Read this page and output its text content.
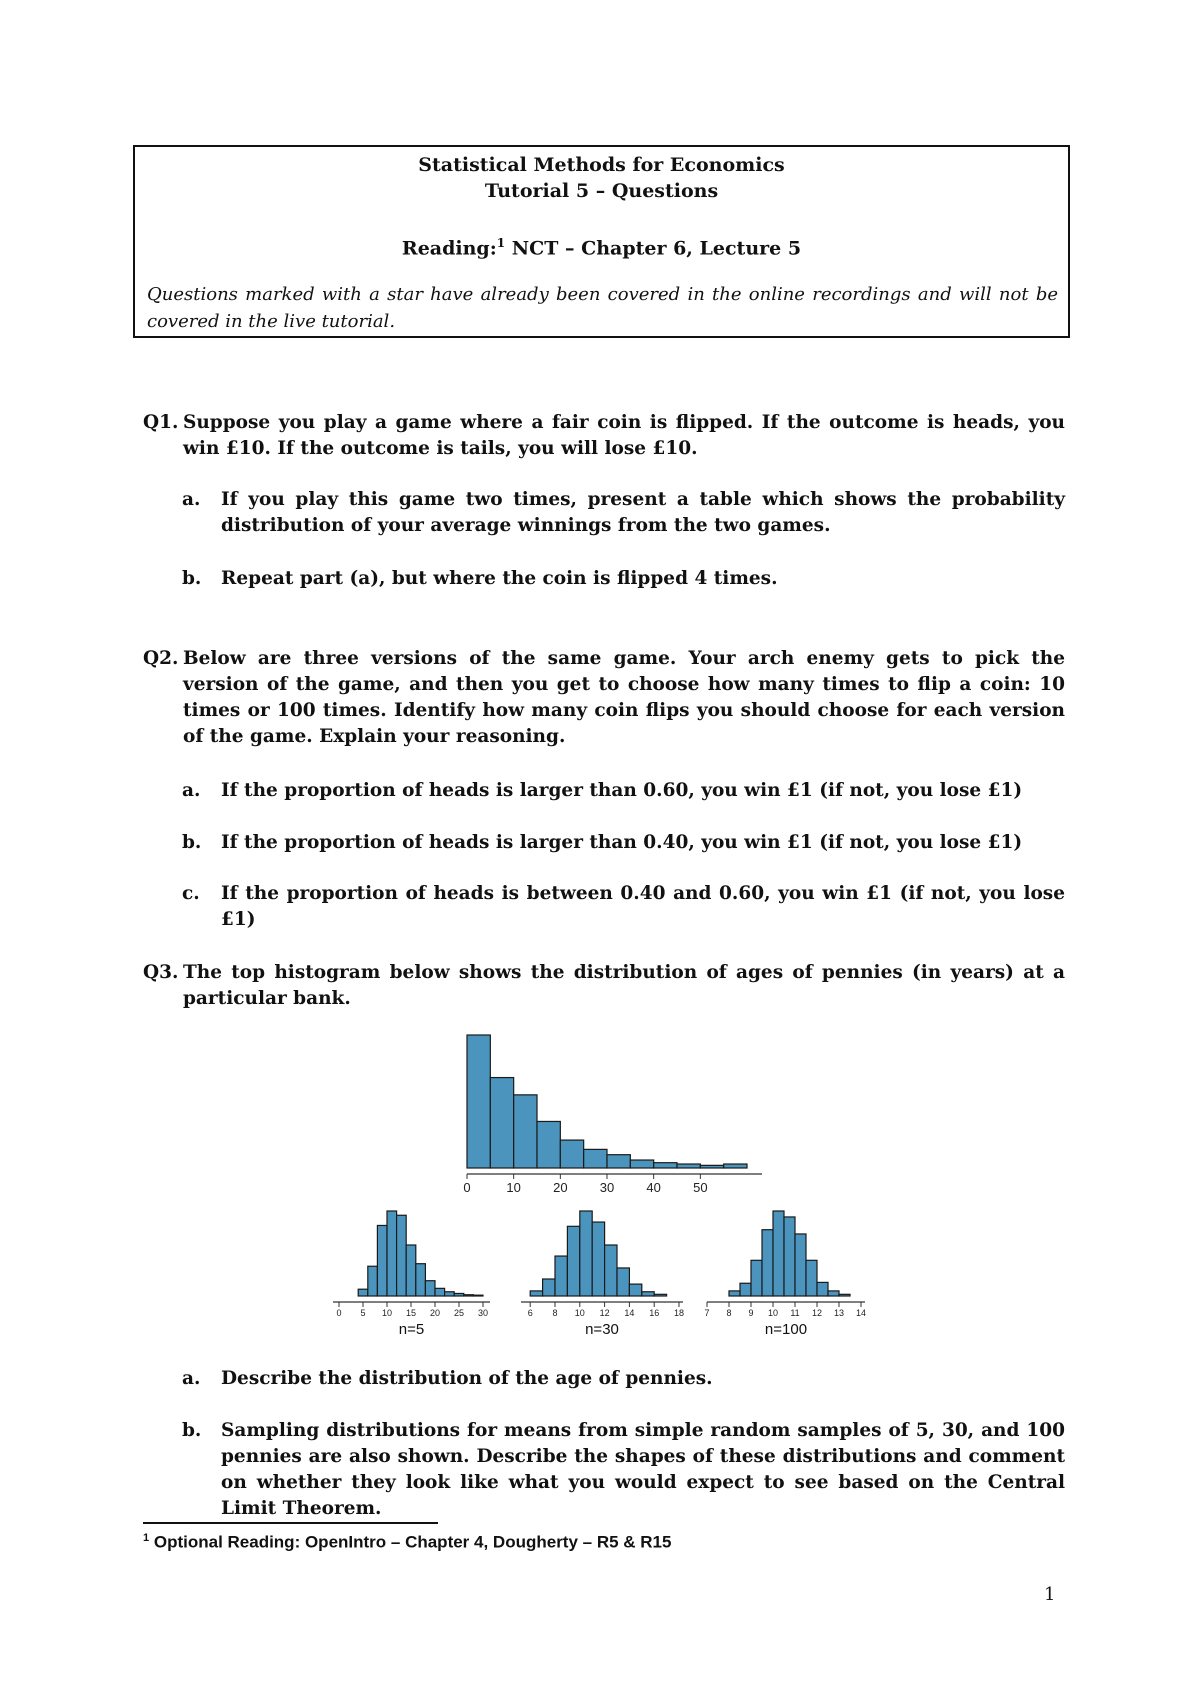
Statistical Methods for Economics
Tutorial 5 – Questions
Reading:$^1$ NCT – Chapter 6, Lecture 5
Questions marked with a star have already been covered in the online recordings and will not be covered in the live tutorial.
Q1. Suppose you play a game where a fair coin is flipped. If the outcome is heads, you win £10. If the outcome is tails, you will lose £10.
a. If you play this game two times, present a table which shows the probability distribution of your average winnings from the two games.
b. Repeat part (a), but where the coin is flipped 4 times.
Q2. Below are three versions of the same game. Your arch enemy gets to pick the version of the game, and then you get to choose how many times to flip a coin: 10 times or 100 times. Identify how many coin flips you should choose for each version of the game. Explain your reasoning.
a. If the proportion of heads is larger than 0.60, you win £1 (if not, you lose £1)
b. If the proportion of heads is larger than 0.40, you win £1 (if not, you lose £1)
c. If the proportion of heads is between 0.40 and 0.60, you win £1 (if not, you lose £1)
Q3. The top histogram below shows the distribution of ages of pennies (in years) at a particular bank.
0	10 20 30 40 50
0 5 10 15 20 25 30
n=5
6 8 10 12 14 16 18
n=30
7 8 9 10 11 12 13 14
n=100
a. Describe the distribution of the age of pennies.
b. Sampling distributions for means from simple random samples of 5, 30, and 100 pennies are also shown. Describe the shapes of these distributions and comment on whether they look like what you would expect to see based on the Central Limit Theorem.
$^1$ Optional Reading: OpenIntro – Chapter 4, Dougherty – R5 & R15
1
